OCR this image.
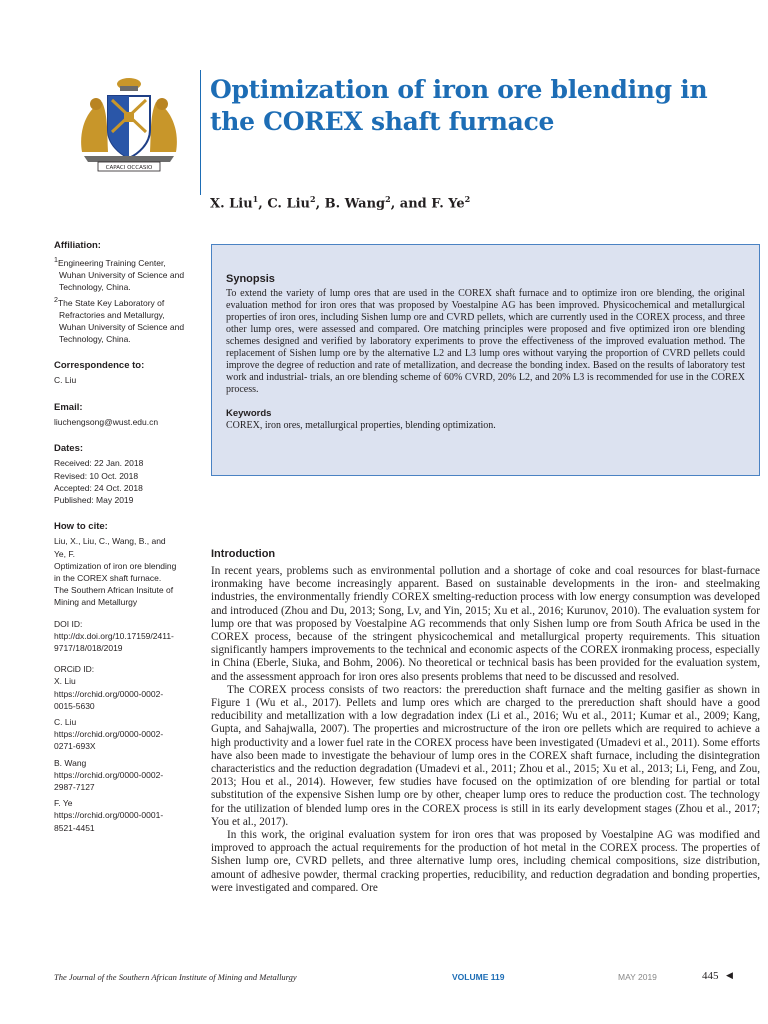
CAPACI OCCASIO
Optimization of iron ore blending in the COREX shaft furnace
X. Liu$^1$, C. Liu$^2$, B. Wang$^2$, and F. Ye$^2$
Affiliation:
$^1$Engineering Training Center,
Wuhan University of Science and
Technology, China.
$^2$The State Key Laboratory of
Refractories and Metallurgy,
Wuhan University of Science and
Technology, China.
Correspondence to:
C. Liu
Email:
liuchengsong@wust.edu.cn
Dates:
Received: 22 Jan. 2018
Revised: 10 Oct. 2018
Accepted: 24 Oct. 2018
Published: May 2019
How to cite:
Liu, X., Liu, C., Wang, B., and
Ye, F.
Optimization of iron ore blending
in the COREX shaft furnace.
The Southern African Insitute of
Mining and Metallurgy
DOI ID:
http://dx.doi.org/10.17159/2411-
9717/18/018/2019
ORCiD ID:
X. Liu
https://orchid.org/0000-0002-
0015-5630
C. Liu
https://orchid.org/0000-0002-
0271-693X
B. Wang
https://orchid.org/0000-0002-
2987-7127
F. Ye
https://orchid.org/0000-0001-
8521-4451
Synopsis

To extend the variety of lump ores that are used in the COREX shaft furnace and to optimize iron ore blending, the original evaluation method for iron ores that was proposed by Voestalpine AG has been improved. Physicochemical and metallurgical properties of iron ores, including Sishen lump ore and CVRD pellets, which are currently used in the COREX process, and three other lump ores, were assessed and compared. Ore matching principles were proposed and five optimized iron ore blending schemes designed and verified by laboratory experiments to prove the effectiveness of the improved evaluation method. The replacement of Sishen lump ore by the alternative L2 and L3 lump ores without varying the proportion of CVRD pellets could improve the degree of reduction and rate of metallization, and decrease the bonding index. Based on the results of laboratory test work and industrial- trials, an ore blending scheme of 60% CVRD, 20% L2, and 20% L3 is recommended for use in the COREX process.

Keywords

COREX, iron ores, metallurgical properties, blending optimization.

Introduction

In recent years, problems such as environmental pollution and a shortage of coke and coal resources for blast-furnace ironmaking have become increasingly apparent. Based on sustainable developments in the iron- and steelmaking industries, the environmentally friendly COREX smelting-reduction process with low energy consumption was developed and introduced (Zhou and Du, 2013; Song, Lv, and Yin, 2015; Xu et al., 2016; Kurunov, 2010). The evaluation system for lump ore that was proposed by Voestalpine AG recommends that only Sishen lump ore from South Africa be used in the COREX process, because of the stringent physicochemical and metallurgical property requirements. This situation significantly hampers improvements to the technical and economic aspects of the COREX ironmaking process, especially in China (Eberle, Siuka, and Bohm, 2006). No theoretical or technical basis has been provided for the evaluation system, and the assessment approach for iron ores also presents problems that need to be discussed and resolved.

The COREX process consists of two reactors: the prereduction shaft furnace and the melting gasifier as shown in Figure 1 (Wu et al., 2017). Pellets and lump ores which are charged to the prereduction shaft should have a good reducibility and metallization with a low degradation index (Li et al., 2016; Wu et al., 2011; Kumar et al., 2009; Kang, Gupta, and Sahajwalla, 2007). The properties and microstructure of the iron ore pellets which are required to achieve a high productivity and a lower fuel rate in the COREX process have been investigated (Umadevi et al., 2011). Some efforts have also been made to investigate the behaviour of lump ores in the COREX shaft furnace, including the disintegration characteristics and the reduction degradation (Umadevi et al., 2011; Zhou et al., 2015; Xu et al., 2013; Li, Feng, and Zou, 2013; Hou et al., 2014). However, few studies have focused on the optimization of ore blending for partial or total substitution of the expensive Sishen lump ore by other, cheaper lump ores to reduce the production cost. The technology for the utilization of blended lump ores in the COREX process is still in its early development stages (Zhou et al., 2017; You et al., 2017).

In this work, the original evaluation system for iron ores that was proposed by Voestalpine AG was modified and improved to approach the actual requirements for the production of hot metal in the COREX process. The properties of Sishen lump ore, CVRD pellets, and three alternative lump ores, including chemical compositions, size distribution, amount of adhesive powder, thermal cracking properties, reducibility, and reduction degradation and bonding properties, were investigated and compared. Ore

The Journal of the Southern African Institute of Mining and Metallurgy	VOLUME 119	MAY 2019	445 ◀
